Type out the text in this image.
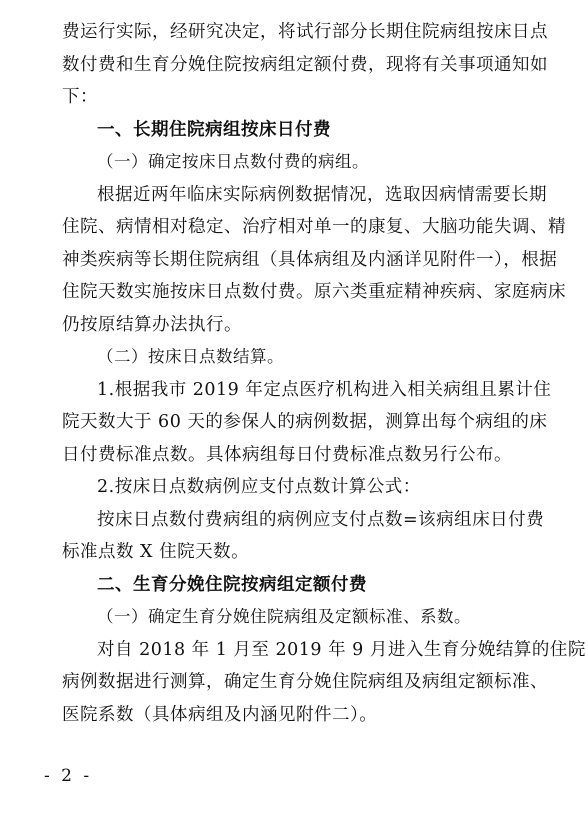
费运行实际，经研究决定，将试行部分长期住院病组按床日点
数付费和生育分娩住院按病组定额付费，现将有关事项通知如
下：
一、长期住院病组按床日付费
（一）确定按床日点数付费的病组。
根据近两年临床实际病例数据情况，选取因病情需要长期
住院、病情相对稳定、治疗相对单一的康复、大脑功能失调、精
神类疾病等长期住院病组（具体病组及内涵详见附件一），根据
住院天数实施按床日点数付费。原六类重症精神疾病、家庭病床
仍按原结算办法执行。
（二）按床日点数结算。
1.根据我市 2019 年定点医疗机构进入相关病组且累计住
院天数大于 60 天的参保人的病例数据，测算出每个病组的床
日付费标准点数。具体病组每日付费标准点数另行公布。
2.按床日点数病例应支付点数计算公式：
按床日点数付费病组的病例应支付点数=该病组床日付费
标准点数 X 住院天数。
二、生育分娩住院按病组定额付费
（一）确定生育分娩住院病组及定额标准、系数。
对自 2018 年 1 月至 2019 年 9 月进入生育分娩结算的住院
病例数据进行测算，确定生育分娩住院病组及病组定额标准、
医院系数（具体病组及内涵见附件二）。
- 2 -
